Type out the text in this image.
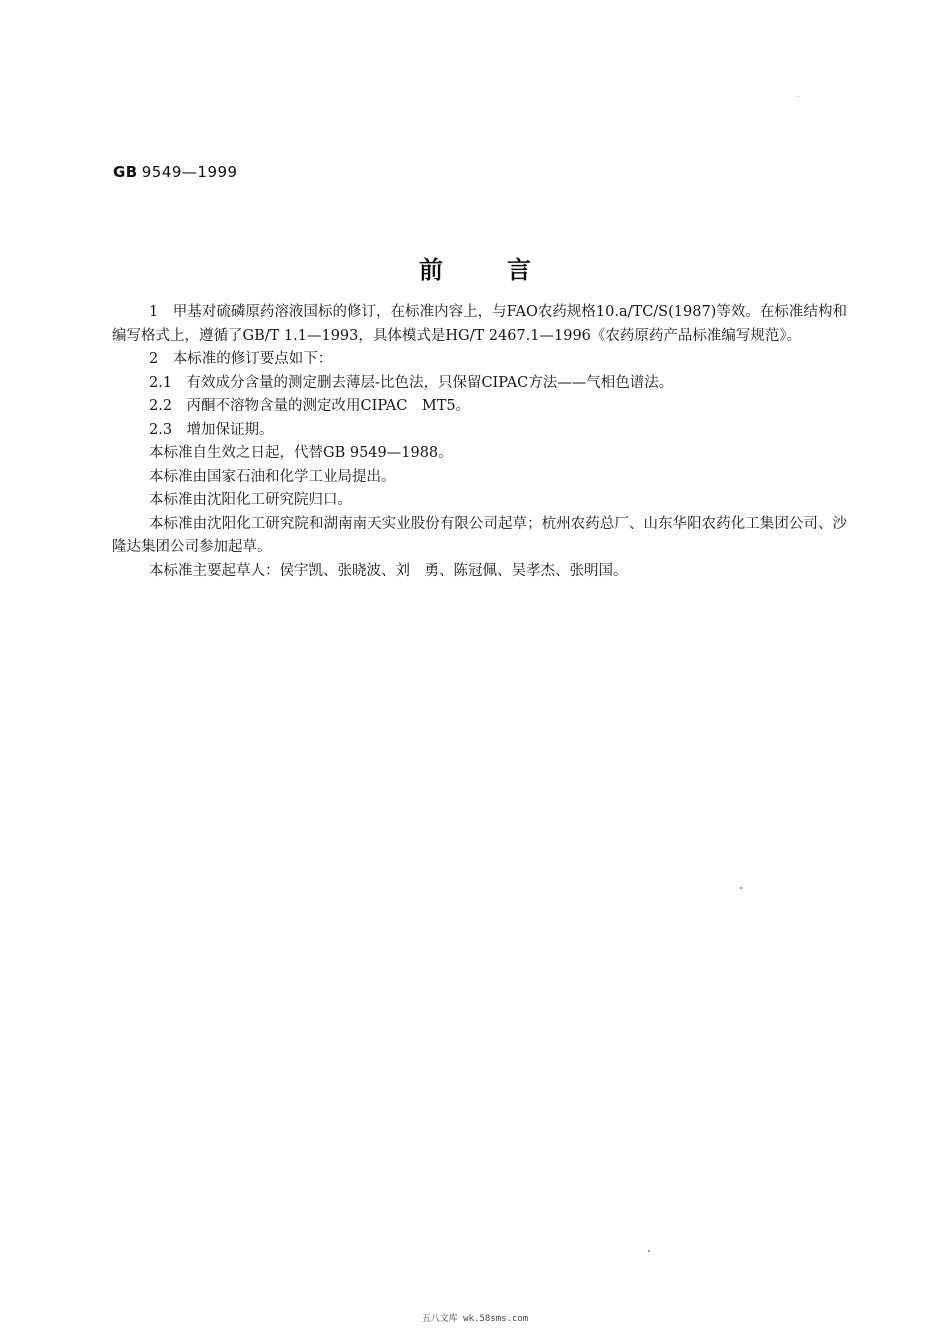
GB 9549—1999
前言

1　甲基对硫磷原药溶液国标的修订，在标准内容上，与FAO农药规格10.a/TC/S(1987)等效。在标准结构和编写格式上，遵循了GB/T 1.1—1993，具体模式是HG/T 2467.1—1996《农药原药产品标准编写规范》。

2　本标准的修订要点如下：

2.1　有效成分含量的测定删去薄层-比色法，只保留CIPAC方法——气相色谱法。

2.2　丙酮不溶物含量的测定改用CIPAC　MT5。

2.3　增加保证期。

本标准自生效之日起，代替GB 9549—1988。

本标准由国家石油和化学工业局提出。

本标准由沈阳化工研究院归口。

本标准由沈阳化工研究院和湖南南天实业股份有限公司起草；杭州农药总厂、山东华阳农药化工集团公司、沙隆达集团公司参加起草。

本标准主要起草人：侯宇凯、张晓波、刘　勇、陈冠佩、吴孝杰、张明国。

五八文库 wk.58sms.com
